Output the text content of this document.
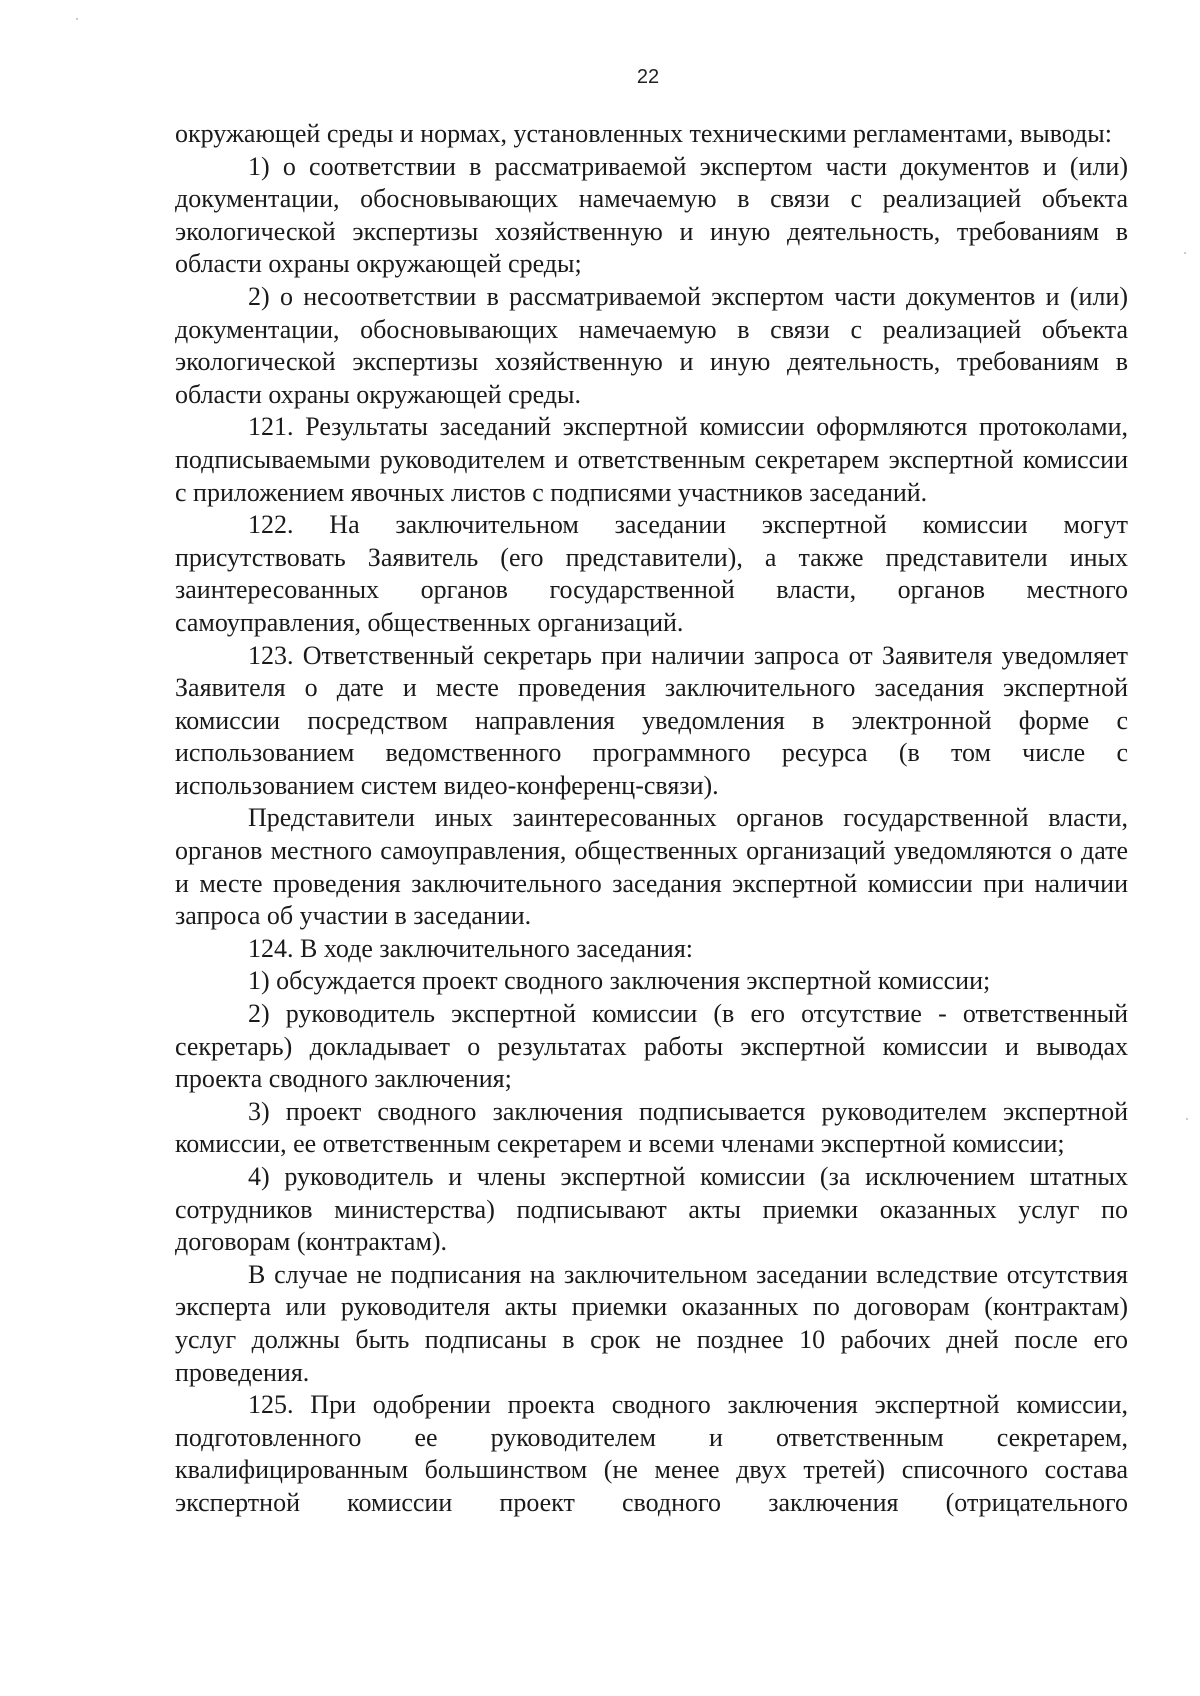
22

окружающей среды и нормах, установленных техническими регламентами, выводы:

1) о соответствии в рассматриваемой экспертом части документов и (или) документации, обосновывающих намечаемую в связи с реализацией объекта экологической экспертизы хозяйственную и иную деятельность, требованиям в области охраны окружающей среды;

2) о несоответствии в рассматриваемой экспертом части документов и (или) документации, обосновывающих намечаемую в связи с реализацией объекта экологической экспертизы хозяйственную и иную деятельность, требованиям в области охраны окружающей среды.

121. Результаты заседаний экспертной комиссии оформляются протоколами, подписываемыми руководителем и ответственным секретарем экспертной комиссии с приложением явочных листов с подписями участников заседаний.

122. На заключительном заседании экспертной комиссии могут присутствовать Заявитель (его представители), а также представители иных заинтересованных органов государственной власти, органов местного самоуправления, общественных организаций.

123. Ответственный секретарь при наличии запроса от Заявителя уведомляет Заявителя о дате и месте проведения заключительного заседания экспертной комиссии посредством направления уведомления в электронной форме с использованием ведомственного программного ресурса (в том числе с использованием систем видео-конференц-связи).

Представители иных заинтересованных органов государственной власти, органов местного самоуправления, общественных организаций уведомляются о дате и месте проведения заключительного заседания экспертной комиссии при наличии запроса об участии в заседании.

124. В ходе заключительного заседания:

1) обсуждается проект сводного заключения экспертной комиссии;

2) руководитель экспертной комиссии (в его отсутствие - ответственный секретарь) докладывает о результатах работы экспертной комиссии и выводах проекта сводного заключения;

3) проект сводного заключения подписывается руководителем экспертной комиссии, ее ответственным секретарем и всеми членами экспертной комиссии;

4) руководитель и члены экспертной комиссии (за исключением штатных сотрудников министерства) подписывают акты приемки оказанных услуг по договорам (контрактам).

В случае не подписания на заключительном заседании вследствие отсутствия эксперта или руководителя акты приемки оказанных по договорам (контрактам) услуг должны быть подписаны в срок не позднее 10 рабочих дней после его проведения.

125. При одобрении проекта сводного заключения экспертной комиссии, подготовленного ее руководителем и ответственным секретарем, квалифицированным большинством (не менее двух третей) списочного состава экспертной комиссии проект сводного заключения (отрицательного
